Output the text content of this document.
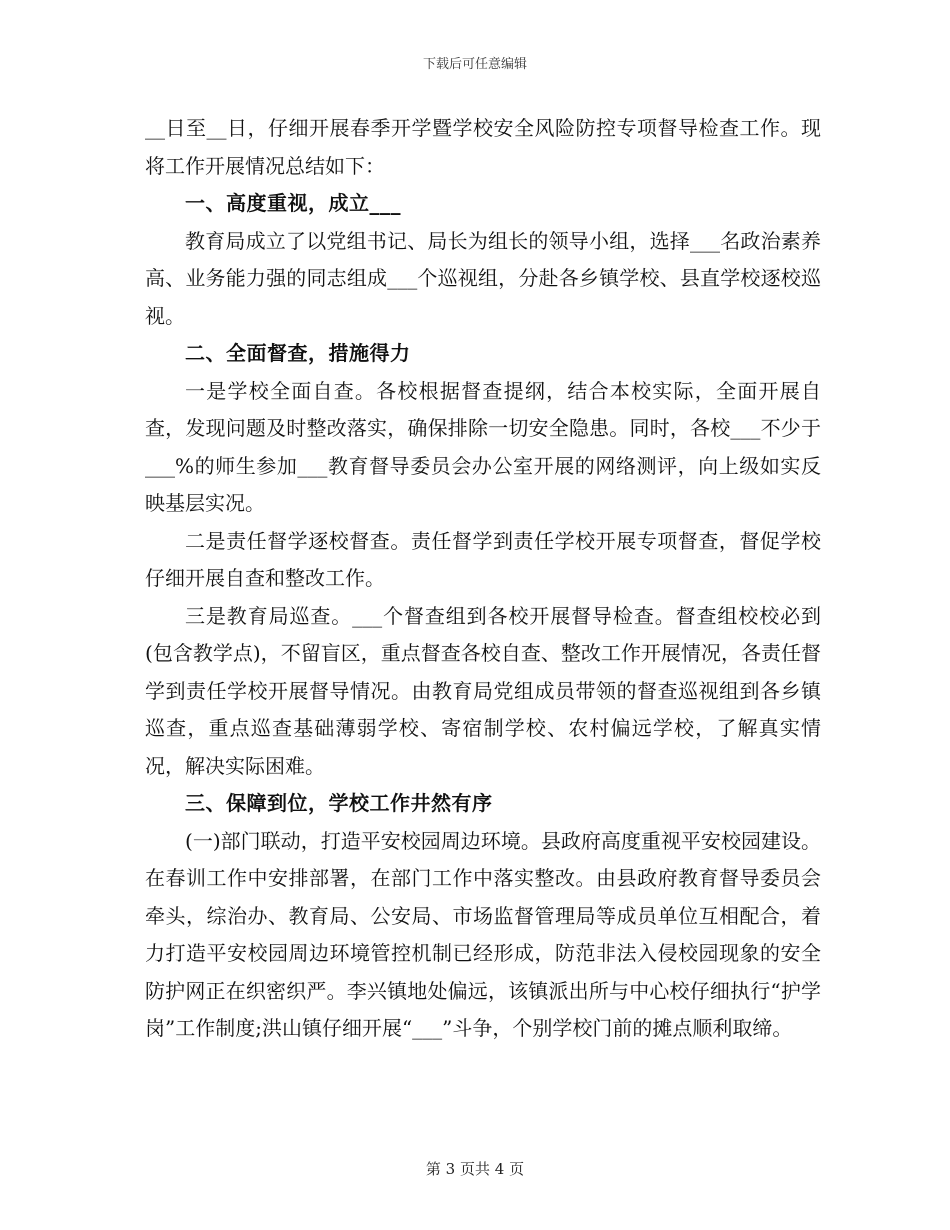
下载后可任意编辑

__日至__日，仔细开展春季开学暨学校安全风险防控专项督导检查工作。现将工作开展情况总结如下：

一、高度重视，成立___

教育局成立了以党组书记、局长为组长的领导小组，选择___名政治素养高、业务能力强的同志组成___个巡视组，分赴各乡镇学校、县直学校逐校巡视。

二、全面督查，措施得力

一是学校全面自查。各校根据督查提纲，结合本校实际，全面开展自查，发现问题及时整改落实，确保排除一切安全隐患。同时，各校___不少于___%的师生参加___教育督导委员会办公室开展的网络测评，向上级如实反映基层实况。

二是责任督学逐校督查。责任督学到责任学校开展专项督查，督促学校仔细开展自查和整改工作。

三是教育局巡查。___个督查组到各校开展督导检查。督查组校校必到(包含教学点)，不留盲区，重点督查各校自查、整改工作开展情况，各责任督学到责任学校开展督导情况。由教育局党组成员带领的督查巡视组到各乡镇巡查，重点巡查基础薄弱学校、寄宿制学校、农村偏远学校，了解真实情况，解决实际困难。

三、保障到位，学校工作井然有序

(一)部门联动，打造平安校园周边环境。县政府高度重视平安校园建设。在春训工作中安排部署，在部门工作中落实整改。由县政府教育督导委员会牵头，综治办、教育局、公安局、市场监督管理局等成员单位互相配合，着力打造平安校园周边环境管控机制已经形成，防范非法入侵校园现象的安全防护网正在织密织严。李兴镇地处偏远，该镇派出所与中心校仔细执行“护学岗”工作制度;洪山镇仔细开展“___”斗争，个别学校门前的摊点顺利取缔。

第 3 页共 4 页
